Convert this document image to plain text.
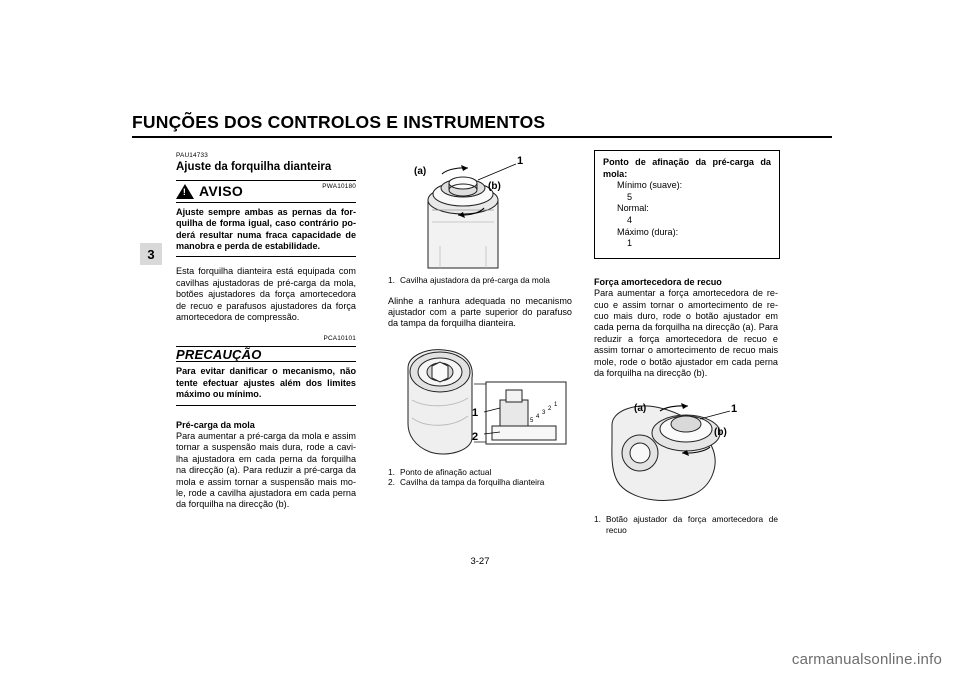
FUNÇÕES DOS CONTROLOS E INSTRUMENTOS
3
PAU14733
Ajuste da forquilha dianteira
!
AVISO	PWA10180
Ajuste sempre ambas as pernas da for-quilha de forma igual, caso contrário po-derá resultar numa fraca capacidade de manobra e perda de estabilidade.
Esta forquilha dianteira está equipada com cavilhas ajustadoras de pré-carga da mola, botões ajustadores da força amortecedora de recuo e parafusos ajustadores da força amortecedora de compressão.
PCA10101
PRECAUÇÃO
Para evitar danificar o mecanismo, não tente efectuar ajustes além dos limites máximo ou mínimo.
Pré-carga da mola
Para aumentar a pré-carga da mola e assim tornar a suspensão mais dura, rode a cavi-lha ajustadora em cada perna da forquilha na direcção (a). Para reduzir a pré-carga da mola e assim tornar a suspensão mais mo-le, rode a cavilha ajustadora em cada perna da forquilha na direcção (b).
1
(a)
(b)
1. Cavilha ajustadora da pré-carga da mola
Alinhe a ranhura adequada no mecanismo ajustador com a parte superior do parafuso da tampa da forquilha dianteira.
1
2
5
4
3
2
1
1. Ponto de afinação actual
2. Cavilha da tampa da forquilha dianteira
Ponto de afinação da pré-carga da mola:
Mínimo (suave):
5
Normal:
4
Máximo (dura):
1
Força amortecedora de recuo
Para aumentar a força amortecedora de re-cuo e assim tornar o amortecimento de re-cuo mais duro, rode o botão ajustador em cada perna da forquilha na direcção (a). Para reduzir a força amortecedora de recuo e assim tornar o amortecimento de recuo mais mole, rode o botão ajustador em cada perna da forquilha na direcção (b).
1
(a)
(b)
1. Botão ajustador da força amortecedora de recuo
3-27
carmanualsonline.info
